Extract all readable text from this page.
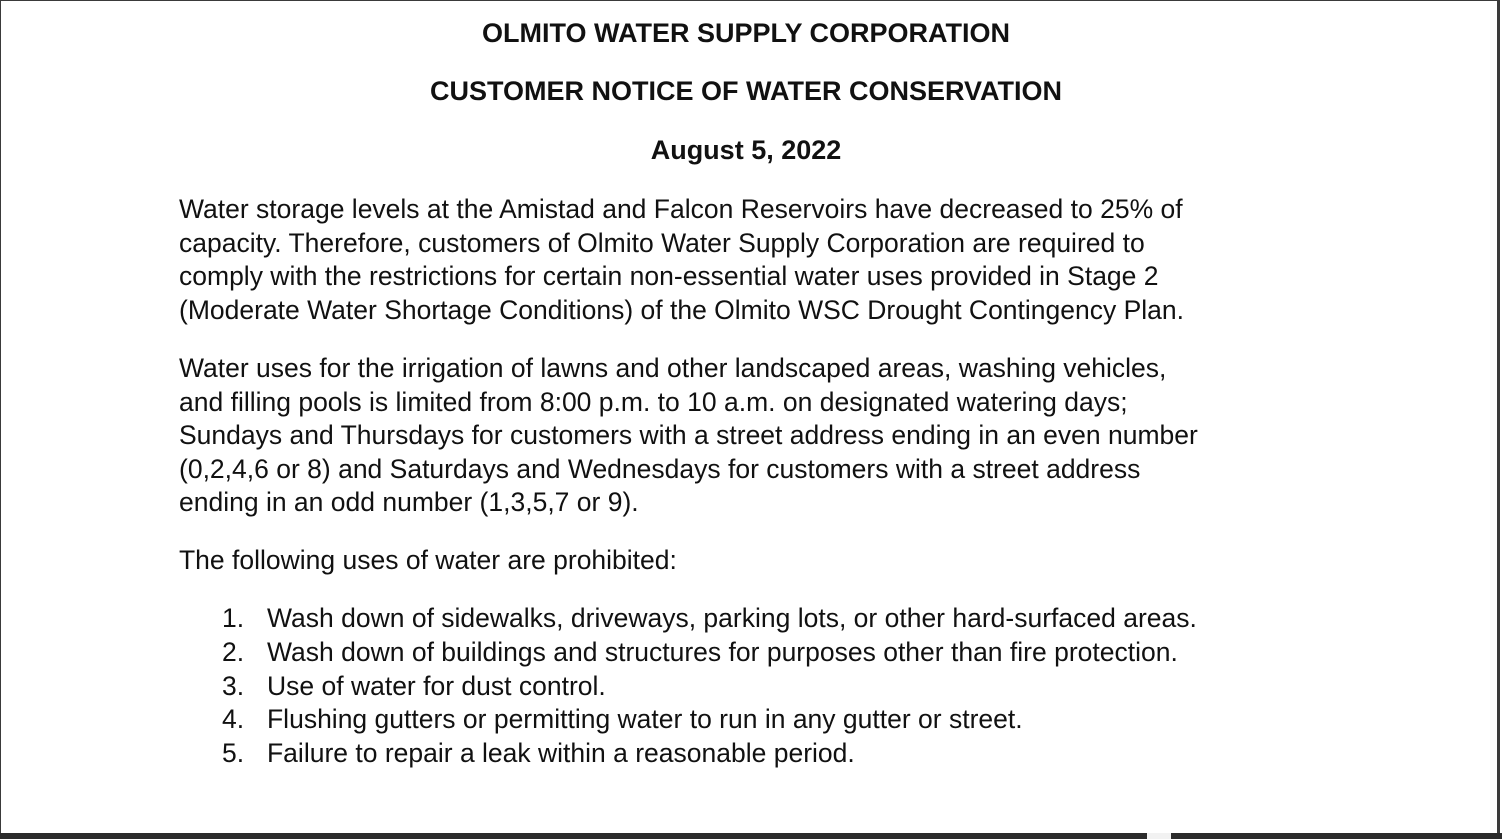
OLMITO WATER SUPPLY CORPORATION
CUSTOMER NOTICE OF WATER CONSERVATION
August 5, 2022

Water storage levels at the Amistad and Falcon Reservoirs have decreased to 25% of
capacity. Therefore, customers of Olmito Water Supply Corporation are required to
comply with the restrictions for certain non-essential water uses provided in Stage 2
(Moderate Water Shortage Conditions) of the Olmito WSC Drought Contingency Plan.

Water uses for the irrigation of lawns and other landscaped areas, washing vehicles,
and filling pools is limited from 8:00 p.m. to 10 a.m. on designated watering days;
Sundays and Thursdays for customers with a street address ending in an even number
(0,2,4,6 or 8) and Saturdays and Wednesdays for customers with a street address
ending in an odd number (1,3,5,7 or 9).

The following uses of water are prohibited:

1. Wash down of sidewalks, driveways, parking lots, or other hard-surfaced areas.
2. Wash down of buildings and structures for purposes other than fire protection.
3. Use of water for dust control.
4. Flushing gutters or permitting water to run in any gutter or street.
5. Failure to repair a leak within a reasonable period.
